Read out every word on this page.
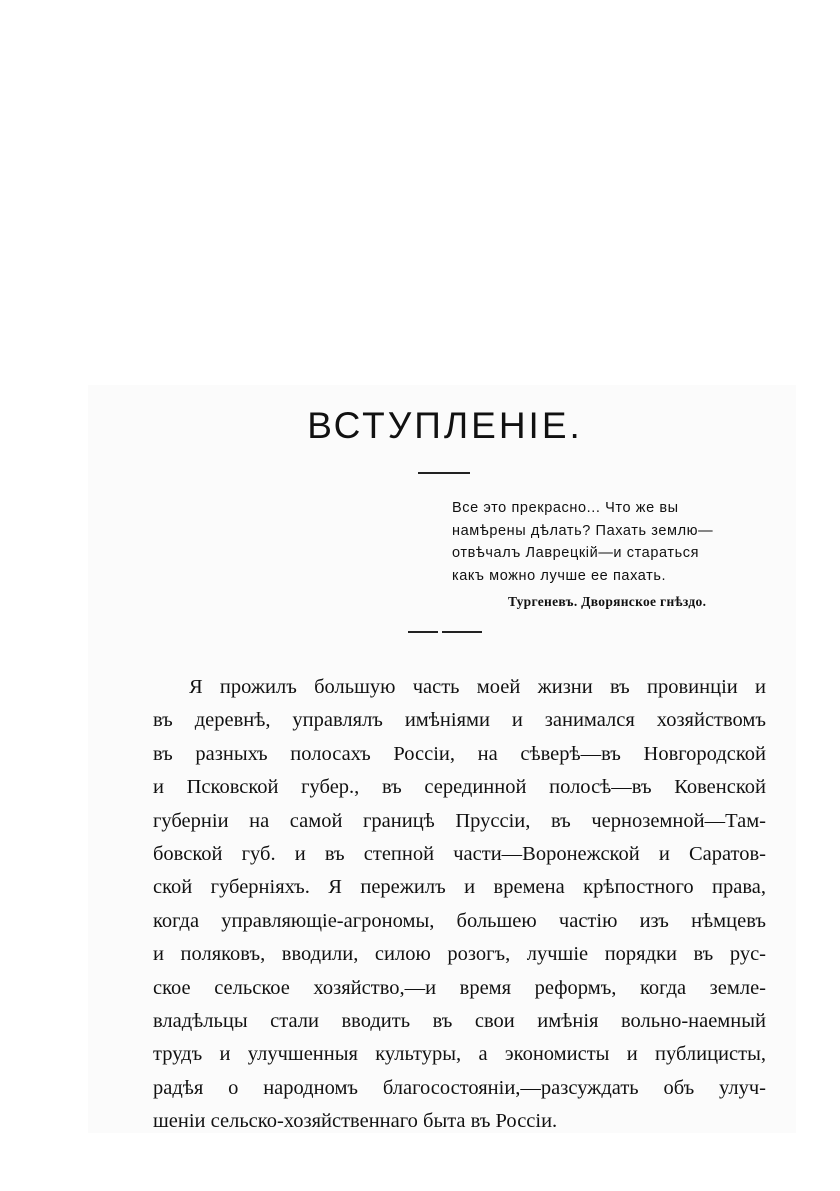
ВСТУПЛЕНІЕ.
Все это прекрасно... Что же вы
намѣрены дѣлать? Пахать землю—
отвѣчалъ Лаврецкій—и стараться
какъ можно лучше ее пахать.
Тургеневъ. Дворянское гнѣздо.
Я прожилъ большую часть моей жизни въ провинціи и
въ деревнѣ, управлялъ имѣніями и занимался хозяйствомъ
въ разныхъ полосахъ Россіи, на сѣверѣ—въ Новгородской
и Псковской губер., въ серединной полосѣ—въ Ковенской
губерніи на самой границѣ Пруссіи, въ черноземной—Там-
бовской губ. и въ степной части—Воронежской и Саратов-
ской губерніяхъ. Я пережилъ и времена крѣпостного права,
когда управляющіе-агрономы, большею частію изъ нѣмцевъ
и поляковъ, вводили, силою розогъ, лучшіе порядки въ рус-
ское сельское хозяйство,—и время реформъ, когда земле-
владѣльцы стали вводить въ свои имѣнія вольно-наемный
трудъ и улучшенныя культуры, а экономисты и публицисты,
радѣя о народномъ благосостояніи,—разсуждать объ улуч-
шеніи сельско-хозяйственнаго быта въ Россіи.
